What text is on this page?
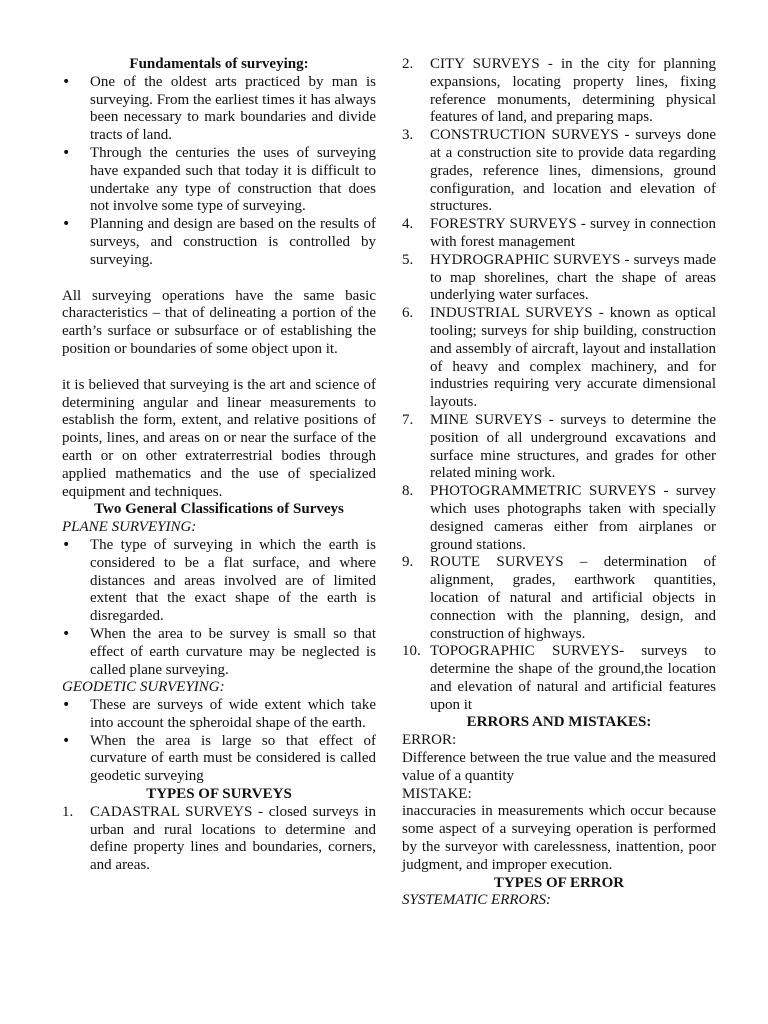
Fundamentals of surveying:
• One of the oldest arts practiced by man is surveying. From the earliest times it has always been necessary to mark boundaries and divide tracts of land.
• Through the centuries the uses of surveying have expanded such that today it is difficult to undertake any type of construction that does not involve some type of surveying.
• Planning and design are based on the results of surveys, and construction is controlled by surveying.

All surveying operations have the same basic characteristics – that of delineating a portion of the earth’s surface or subsurface or of establishing the position or boundaries of some object upon it.

it is believed that surveying is the art and science of determining angular and linear measurements to establish the form, extent, and relative positions of points, lines, and areas on or near the surface of the earth or on other extraterrestrial bodies through applied mathematics and the use of specialized equipment and techniques.

Two General Classifications of Surveys

PLANE SURVEYING:

• The type of surveying in which the earth is considered to be a flat surface, and where distances and areas involved are of limited extent that the exact shape of the earth is disregarded.
• When the area to be survey is small so that effect of earth curvature may be neglected is called plane surveying.

GEODETIC SURVEYING:

• These are surveys of wide extent which take into account the spheroidal shape of the earth.
• When the area is large so that effect of curvature of earth must be considered is called geodetic surveying
TYPES OF SURVEYS
1. CADASTRAL SURVEYS - closed surveys in urban and rural locations to determine and define property lines and boundaries, corners, and areas.
2. CITY SURVEYS - in the city for planning expansions, locating property lines, fixing reference monuments, determining physical features of land, and preparing maps.
3. CONSTRUCTION SURVEYS - surveys done at a construction site to provide data regarding grades, reference lines, dimensions, ground configuration, and location and elevation of structures.
4. FORESTRY SURVEYS - survey in connection with forest management
5. HYDROGRAPHIC SURVEYS - surveys made to map shorelines, chart the shape of areas underlying water surfaces.
6. INDUSTRIAL SURVEYS - known as optical tooling; surveys for ship building, construction and assembly of aircraft, layout and installation of heavy and complex machinery, and for industries requiring very accurate dimensional layouts.
7. MINE SURVEYS - surveys to determine the position of all underground excavations and surface mine structures, and grades for other related mining work.
8. PHOTOGRAMMETRIC SURVEYS - survey which uses photographs taken with specially designed cameras either from airplanes or ground stations.
9. ROUTE SURVEYS – determination of alignment, grades, earthwork quantities, location of natural and artificial objects in connection with the planning, design, and construction of highways.
10. TOPOGRAPHIC SURVEYS- surveys to determine the shape of the ground,the location and elevation of natural and artificial features upon it
ERRORS AND MISTAKES:

ERROR:

Difference between the true value and the measured value of a quantity

MISTAKE:

inaccuracies in measurements which occur because some aspect of a surveying operation is performed by the surveyor with carelessness, inattention, poor judgment, and improper execution.

TYPES OF ERROR

SYSTEMATIC ERRORS:
